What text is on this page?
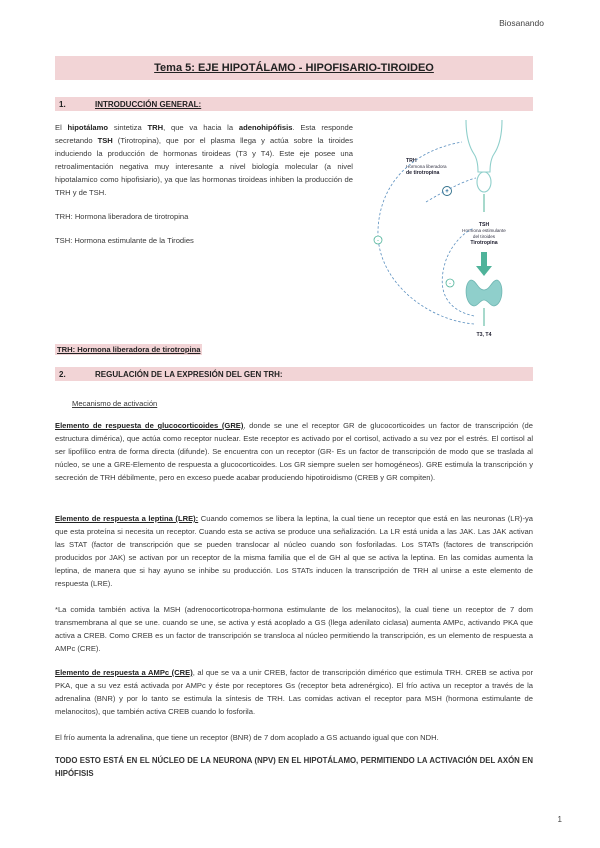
Biosanando
Tema 5: EJE HIPOTÁLAMO - HIPOFISARIO-TIROIDEO
1.	INTRODUCCIÓN GENERAL:
El hipotálamo sintetiza TRH, que va hacia la adenohipófisis. Esta responde secretando TSH (Tirotropina), que por el plasma llega y actúa sobre la tiroides induciendo la producción de hormonas tiroideas (T3 y T4). Este eje posee una retroalimentación negativa muy interesante a nivel biología molecular (a nivel hipotalamico como hipofisiario), ya que las hormonas tiroideas inhiben la producción de TRH y de TSH.
TRH: Hormona liberadora de tirotropina
TSH: Hormona estimulante de la Tirodies
TRH
Hormona liberadora
de tirotropina
+
TSH
Hormona estimulante
del tiroides
Tirotropina
T3, T4
-
-
TRH: Hormona liberadora de tirotropina
2.	REGULACIÓN DE LA EXPRESIÓN DEL GEN TRH:
Mecanismo de activación
Elemento de respuesta de glucocorticoides (GRE), donde se une el receptor GR de glucocorticoides un factor de transcripción (de estructura dimérica), que actúa como receptor nuclear. Este receptor es activado por el cortisol, activado a su vez por el estrés. El cortisol al ser lipofílico entra de forma directa (difunde). Se encuentra con un receptor (GR- Es un factor de transcripción de modo que se traslada al núcleo, se une a GRE-Elemento de respuesta a glucocorticoides. Los GR siempre suelen ser homogéneos). GRE estimula la transcripción y secreción de TRH débilmente, pero en exceso puede acabar produciendo hipotiroidismo (CREB y GR compiten).
Elemento de respuesta a leptina (LRE): Cuando comemos se libera la leptina, la cual tiene un receptor que está en las neuronas (LR)-ya que esta proteína si necesita un receptor. Cuando esta se activa se produce una señalización. La LR está unida a las JAK. Las JAK activan las STAT (factor de transcripción que se pueden translocar al núcleo cuando son fosforiladas. Los STATs (factores de transcripción producidos por JAK) se activan por un receptor de la misma familia que el de GH al que se activa la leptina. En las comidas aumenta la leptina, de manera que si hay ayuno se inhibe su producción. Los STATs inducen la transcripción de TRH al unirse a este elemento de respuesta (LRE).
*La comida también activa la MSH (adrenocorticotropa-hormona estimulante de los melanocitos), la cual tiene un receptor de 7 dom transmembrana al que se une. cuando se une, se activa y está acoplado a GS (llega adenilato ciclasa) aumenta AMPc, activando PKA que activa a CREB. Como CREB es un factor de transcripción se transloca al núcleo permitiendo la transcripción, es un elemento de respuesta a AMPc (CRE).
Elemento de respuesta a AMPc (CRE), al que se va a unir CREB, factor de transcripción dimérico que estimula TRH. CREB se activa por PKA, que a su vez está activada por AMPc y éste por receptores Gs (receptor beta adrenérgico). El frío activa un receptor a través de la adrenalina (BNR) y por lo tanto se estimula la síntesis de TRH. Las comidas activan el receptor para MSH (hormona estimulante de melanocitos), que también activa CREB cuando lo fosforila.
El frío aumenta la adrenalina, que tiene un receptor (BNR) de 7 dom acoplado a GS actuando igual que con NDH.
TODO ESTO ESTÁ EN EL NÚCLEO DE LA NEURONA (NPV) EN EL HIPOTÁLAMO, PERMITIENDO LA ACTIVACIÓN DEL AXÓN EN HIPÓFISIS
1
